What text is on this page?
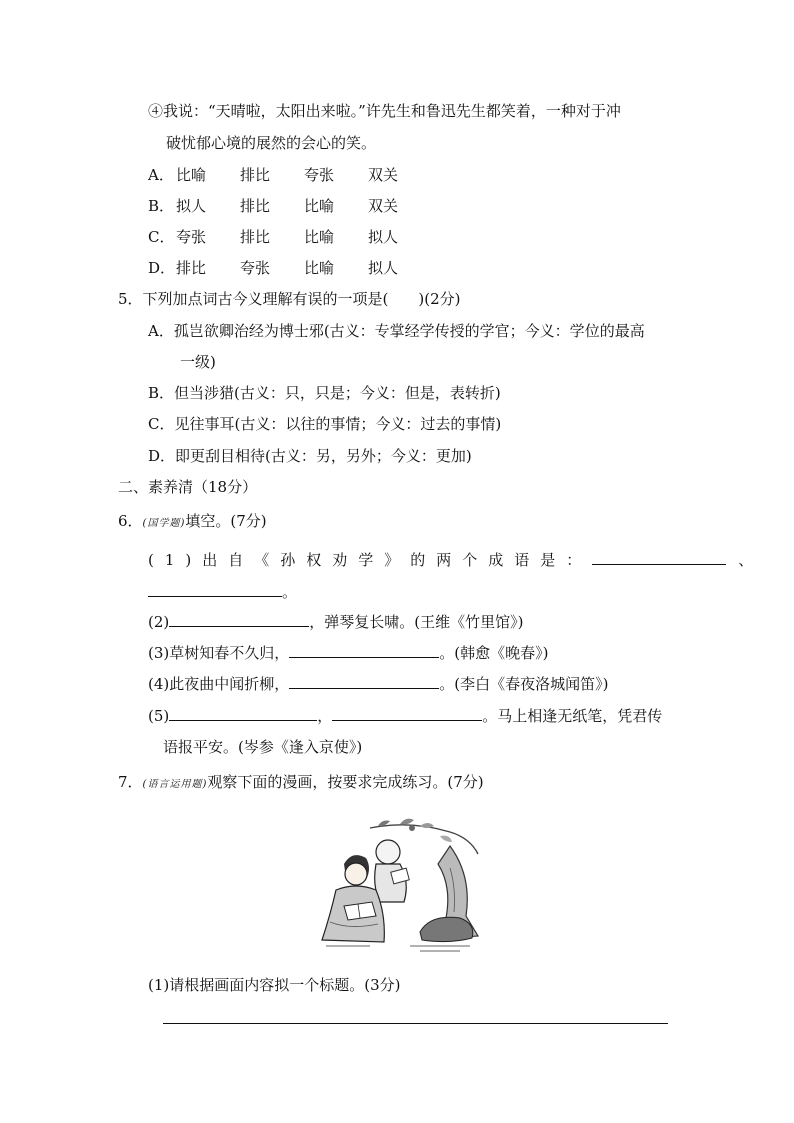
④我说：“天晴啦，太阳出来啦。”许先生和鲁迅先生都笑着，一种对于冲
破忧郁心境的展然的会心的笑。
A． 比喻 排比 夸张 双关
B． 拟人 排比 比喻 双关
C． 夸张 排比 比喻 拟人
D．排比 夸张 比喻 拟人
5．下列加点词古今义理解有误的一项是(　　)(2分)
A．孤岂欲卿治经为博士邪(古义：专掌经学传授的学官；今义：学位的最高
一级)
B．但当涉猎(古义：只，只是；今义：但是，表转折)
C．见往事耳(古义：以往的事情；今义：过去的事情)
D．即更刮目相待(古义：另，另外；今义：更加)
二、素养清（18分）
6．(国学题)填空。(7分)
(1)出自《孙权劝学》的两个成语是：	、
。
(2)	，弹琴复长啸。(王维《竹里馆》)
(3)草树知春不久归，	。(韩愈《晚春》)
(4)此夜曲中闻折柳，	。(李白《春夜洛城闻笛》)
(5)	，	。马上相逢无纸笔，凭君传
语报平安。(岑参《逢入京使》)
7．(语言运用题)观察下面的漫画，按要求完成练习。(7分)
(1)请根据画面内容拟一个标题。(3分)
